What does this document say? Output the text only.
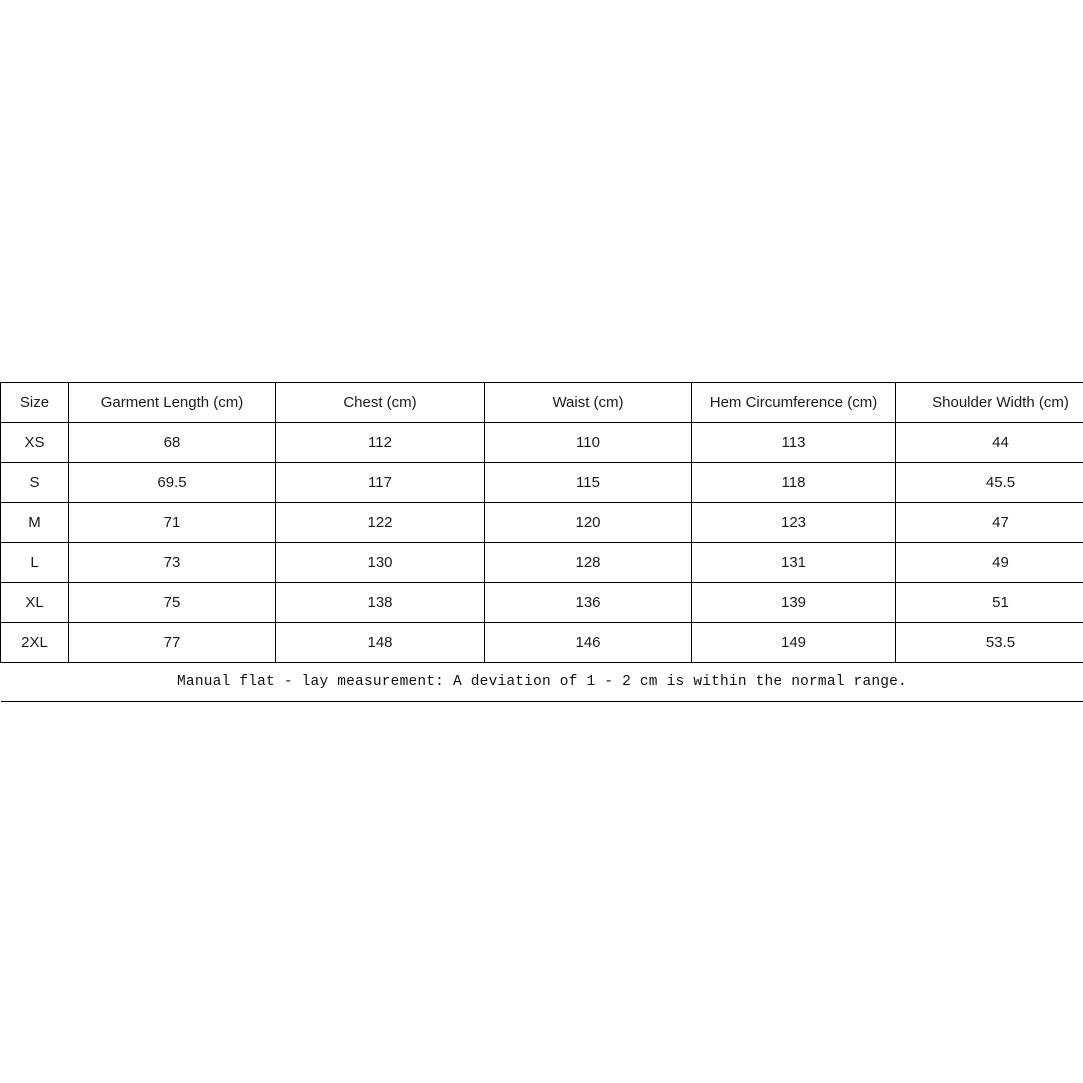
Size	Garment Length (cm)	Chest (cm)	Waist (cm)	Hem Circumference (cm)	Shoulder Width (cm)
XS	68	112	110	113	44
S	69.5	117	115	118	45.5
M	71	122	120	123	47
L	73	130	128	131	49
XL	75	138	136	139	51
2XL	77	148	146	149	53.5
Manual flat - lay measurement: A deviation of 1 - 2 cm is within the normal range.					
